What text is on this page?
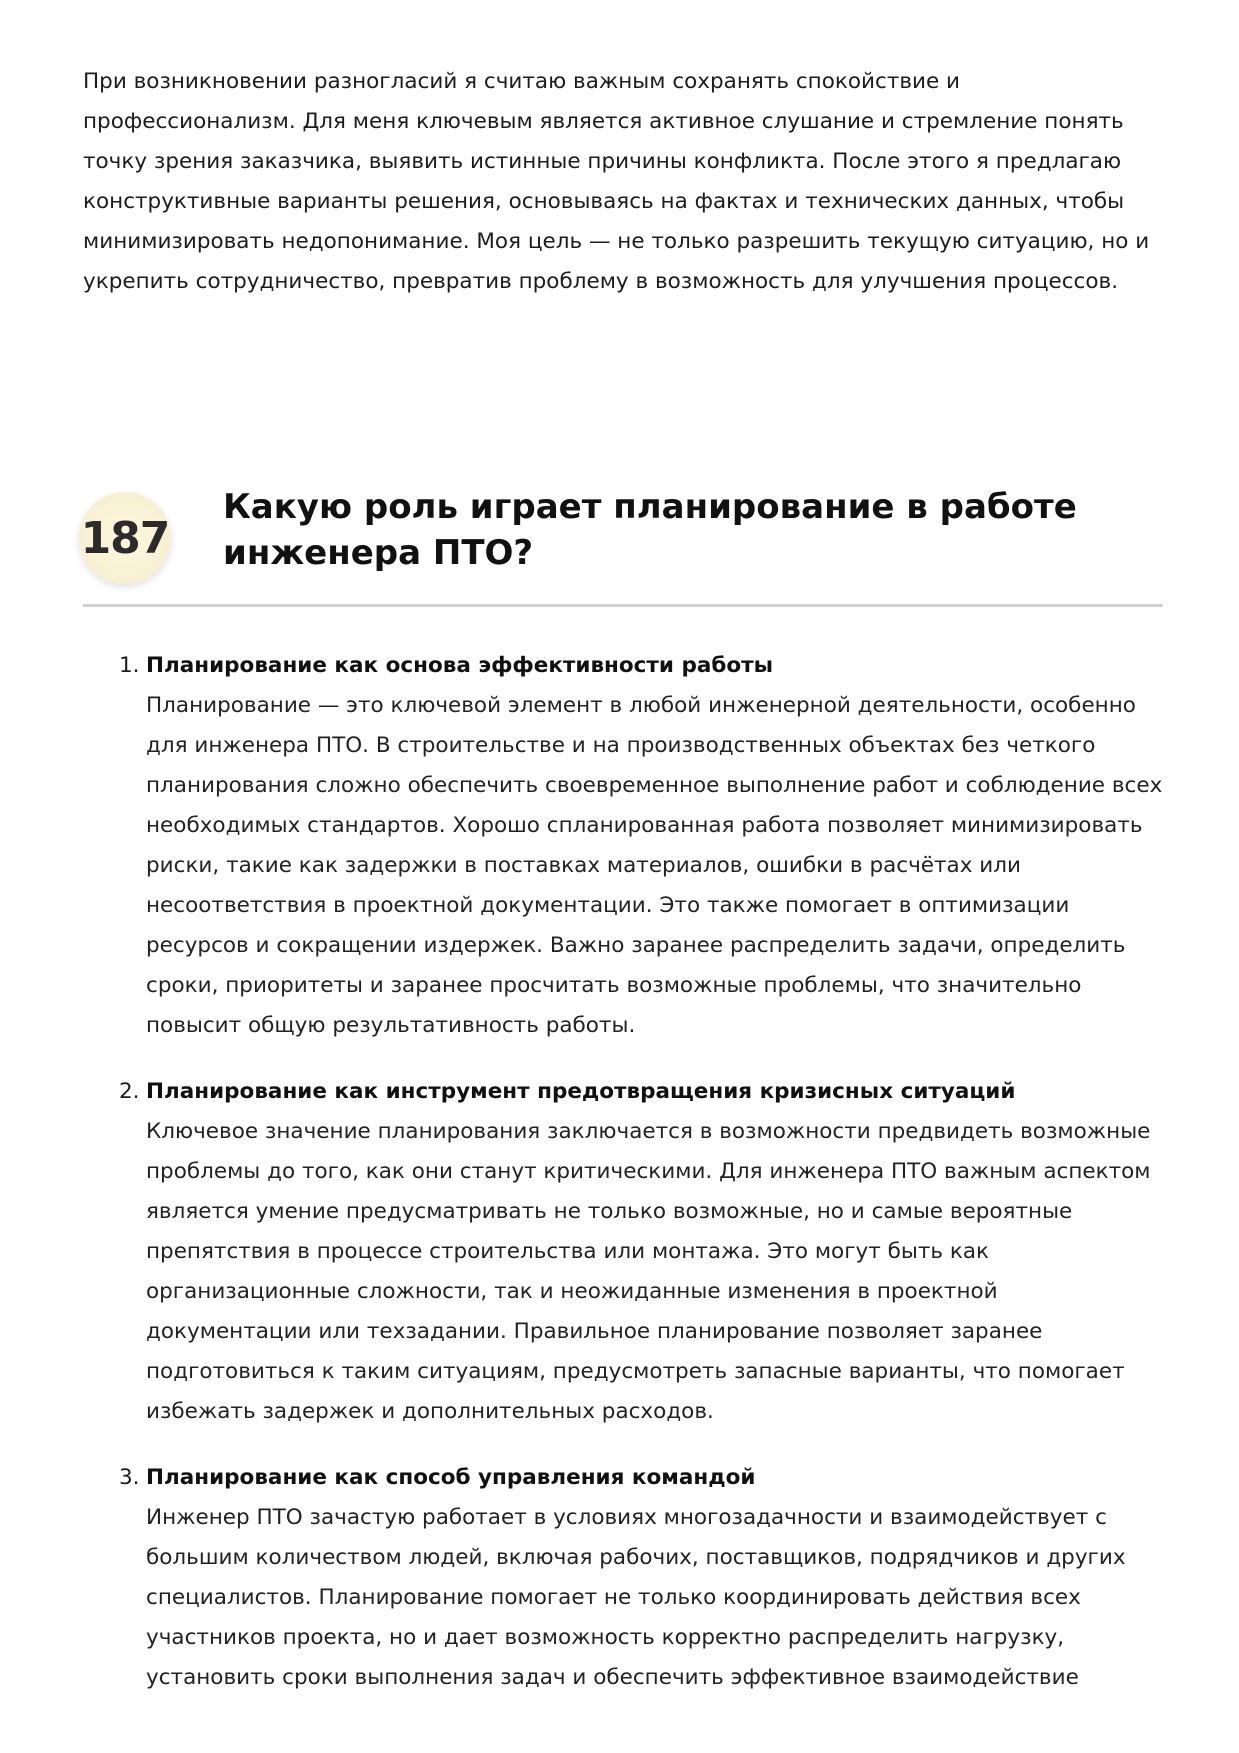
При возникновении разногласий я считаю важным сохранять спокойствие и профессионализм. Для меня ключевым является активное слушание и стремление понять точку зрения заказчика, выявить истинные причины конфликта. После этого я предлагаю конструктивные варианты решения, основываясь на фактах и технических данных, чтобы минимизировать недопонимание. Моя цель — не только разрешить текущую ситуацию, но и укрепить сотрудничество, превратив проблему в возможность для улучшения процессов.

187
Какую роль играет планирование в работе инженера ПТО?
1. Планирование как основа эффективности работы
Планирование — это ключевой элемент в любой инженерной деятельности, особенно для инженера ПТО. В строительстве и на производственных объектах без четкого планирования сложно обеспечить своевременное выполнение работ и соблюдение всех необходимых стандартов. Хорошо спланированная работа позволяет минимизировать риски, такие как задержки в поставках материалов, ошибки в расчётах или несоответствия в проектной документации. Это также помогает в оптимизации ресурсов и сокращении издержек. Важно заранее распределить задачи, определить сроки, приоритеты и заранее просчитать возможные проблемы, что значительно повысит общую результативность работы.
2. Планирование как инструмент предотвращения кризисных ситуаций
Ключевое значение планирования заключается в возможности предвидеть возможные проблемы до того, как они станут критическими. Для инженера ПТО важным аспектом является умение предусматривать не только возможные, но и самые вероятные препятствия в процессе строительства или монтажа. Это могут быть как организационные сложности, так и неожиданные изменения в проектной документации или техзадании. Правильное планирование позволяет заранее подготовиться к таким ситуациям, предусмотреть запасные варианты, что помогает избежать задержек и дополнительных расходов.
3. Планирование как способ управления командой
Инженер ПТО зачастую работает в условиях многозадачности и взаимодействует с большим количеством людей, включая рабочих, поставщиков, подрядчиков и других специалистов. Планирование помогает не только координировать действия всех участников проекта, но и дает возможность корректно распределить нагрузку, установить сроки выполнения задач и обеспечить эффективное взаимодействие
